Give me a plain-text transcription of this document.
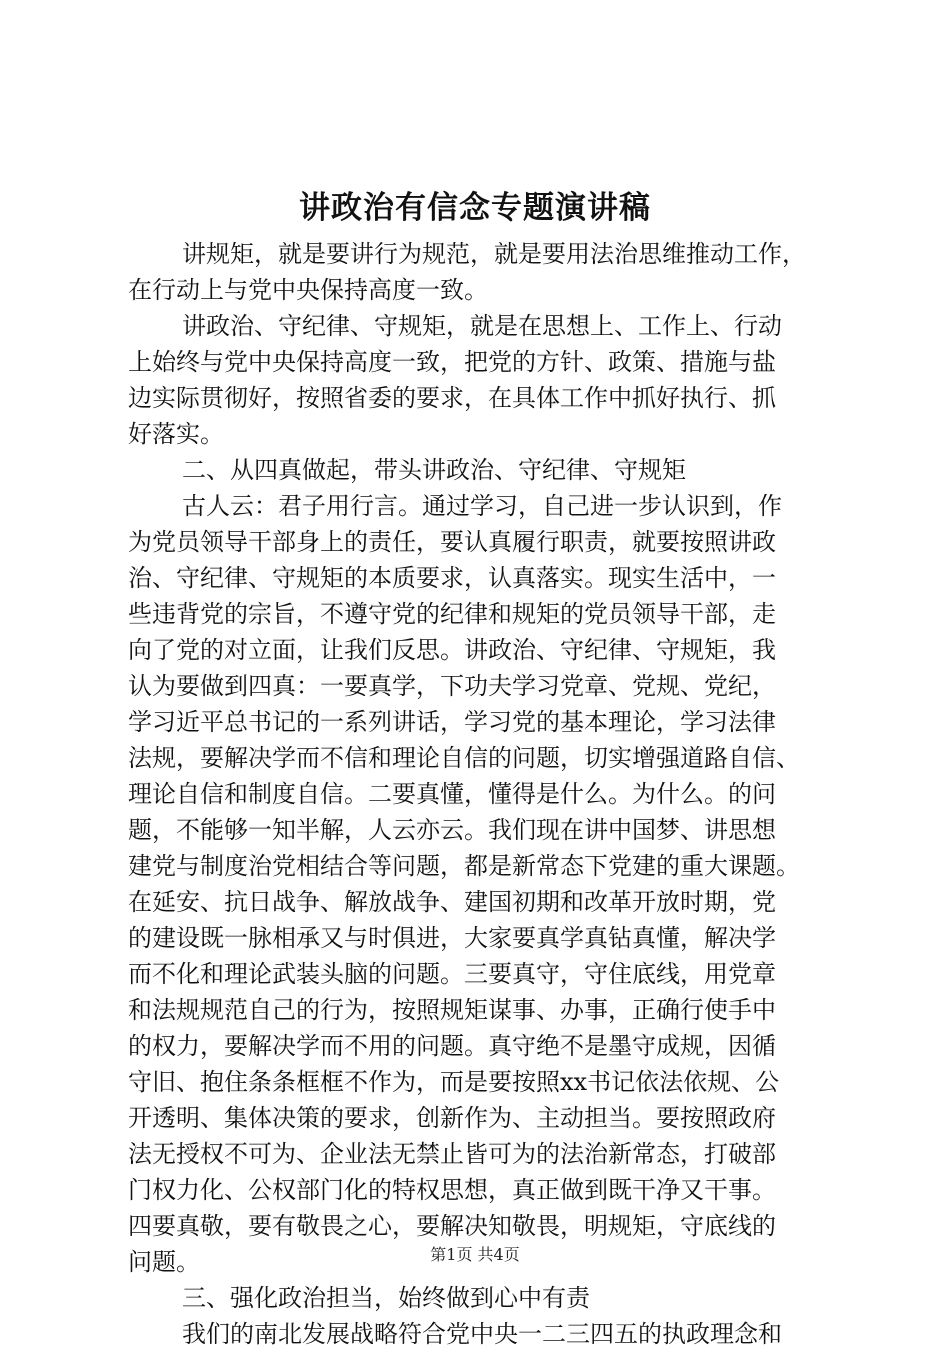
讲政治有信念专题演讲稿
讲规矩，就是要讲行为规范，就是要用法治思维推动工作，
在行动上与党中央保持高度一致。
讲政治、守纪律、守规矩，就是在思想上、工作上、行动
上始终与党中央保持高度一致，把党的方针、政策、措施与盐
边实际贯彻好，按照省委的要求，在具体工作中抓好执行、抓
好落实。
二、从四真做起，带头讲政治、守纪律、守规矩
古人云：君子用行言。通过学习，自己进一步认识到，作
为党员领导干部身上的责任，要认真履行职责，就要按照讲政
治、守纪律、守规矩的本质要求，认真落实。现实生活中，一
些违背党的宗旨，不遵守党的纪律和规矩的党员领导干部，走
向了党的对立面，让我们反思。讲政治、守纪律、守规矩，我
认为要做到四真：一要真学，下功夫学习党章、党规、党纪，
学习近平总书记的一系列讲话，学习党的基本理论，学习法律
法规，要解决学而不信和理论自信的问题，切实增强道路自信、
理论自信和制度自信。二要真懂，懂得是什么。为什么。的问
题，不能够一知半解，人云亦云。我们现在讲中国梦、讲思想
建党与制度治党相结合等问题，都是新常态下党建的重大课题。
在延安、抗日战争、解放战争、建国初期和改革开放时期，党
的建设既一脉相承又与时俱进，大家要真学真钻真懂，解决学
而不化和理论武装头脑的问题。三要真守，守住底线，用党章
和法规规范自己的行为，按照规矩谋事、办事，正确行使手中
的权力，要解决学而不用的问题。真守绝不是墨守成规，因循
守旧、抱住条条框框不作为，而是要按照xx书记依法依规、公
开透明、集体决策的要求，创新作为、主动担当。要按照政府
法无授权不可为、企业法无禁止皆可为的法治新常态，打破部
门权力化、公权部门化的特权思想，真正做到既干净又干事。
四要真敬，要有敬畏之心，要解决知敬畏，明规矩，守底线的
问题。
三、强化政治担当，始终做到心中有责
我们的南北发展战略符合党中央一二三四五的执政理念和
第1页 共4页
